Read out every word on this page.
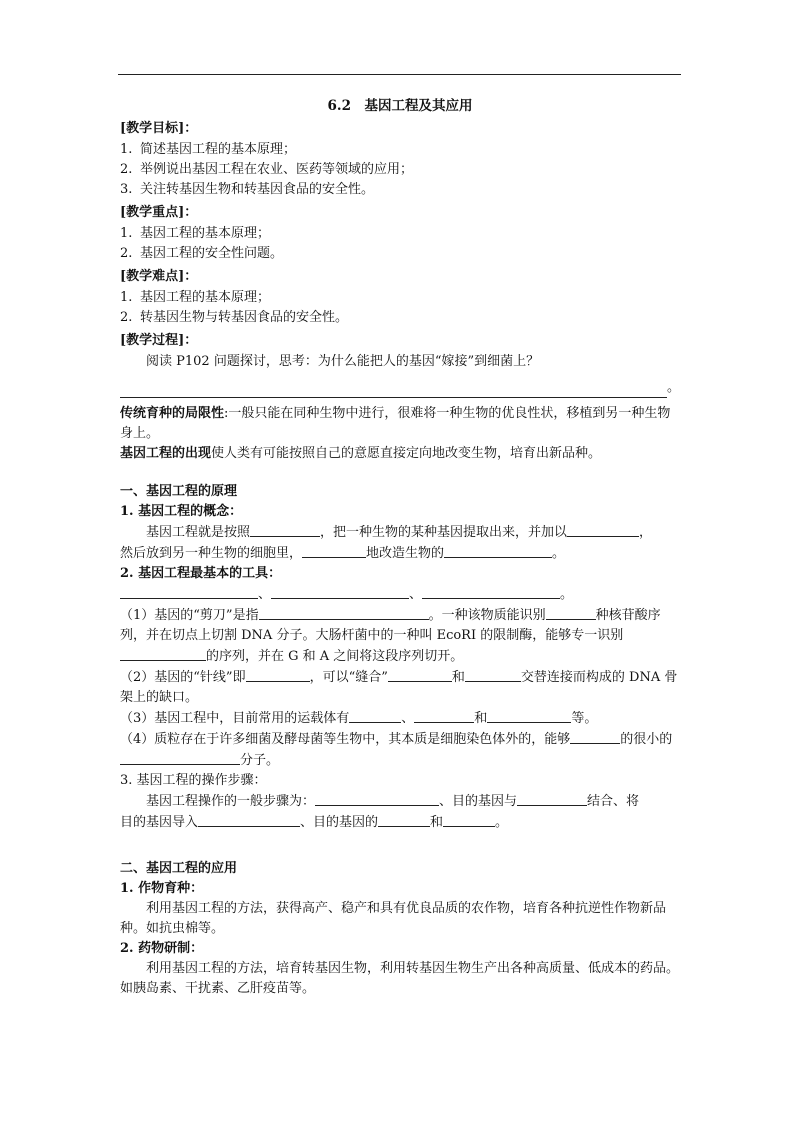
6.2　基因工程及其应用
[教学目标]：
1. 简述基因工程的基本原理；
2. 举例说出基因工程在农业、医药等领域的应用；
3. 关注转基因生物和转基因食品的安全性。
[教学重点]：
1. 基因工程的基本原理；
2. 基因工程的安全性问题。
[教学难点]：
1. 基因工程的基本原理；
2. 转基因生物与转基因食品的安全性。
[教学过程]：

阅读 P102 问题探讨，思考：为什么能把人的基因“嫁接”到细菌上？

。

传统育种的局限性:一般只能在同种生物中进行，很难将一种生物的优良性状，移植到另一种生物身上。

基因工程的出现使人类有可能按照自己的意愿直接定向地改变生物，培育出新品种。

一、基因工程的原理
1. 基因工程的概念：

基因工程就是按照	，把一种生物的某种基因提取出来，并加以	，

然后放到另一种生物的细胞里，	地改造生物的	。

2. 基因工程最基本的工具：

、	、	。

（1）基因的“剪刀”是指	。一种该物质能识别	种核苷酸序列，并在切点上切割 DNA 分子。大肠杆菌中的一种叫 EcoRI 的限制酶，能够专一识别的序列，并在 G 和 A 之间将这段序列切开。

（2）基因的“针线”即	，可以“缝合”	和	交替连接而构成的 DNA 骨架上的缺口。

（3）基因工程中，目前常用的运载体有	、	和	等。

（4）质粒存在于许多细菌及酵母菌等生物中，其本质是细胞染色体外的，能够	的很小的分子。

3. 基因工程的操作步骤：

基因工程操作的一般步骤为：	、目的基因与	结合、将

目的基因导入	、目的基因的	和	。

二、基因工程的应用
1. 作物育种：

利用基因工程的方法，获得高产、稳产和具有优良品质的农作物，培育各种抗逆性作物新品种。如抗虫棉等。

2. 药物研制：

利用基因工程的方法，培育转基因生物，利用转基因生物生产出各种高质量、低成本的药品。如胰岛素、干扰素、乙肝疫苗等。
